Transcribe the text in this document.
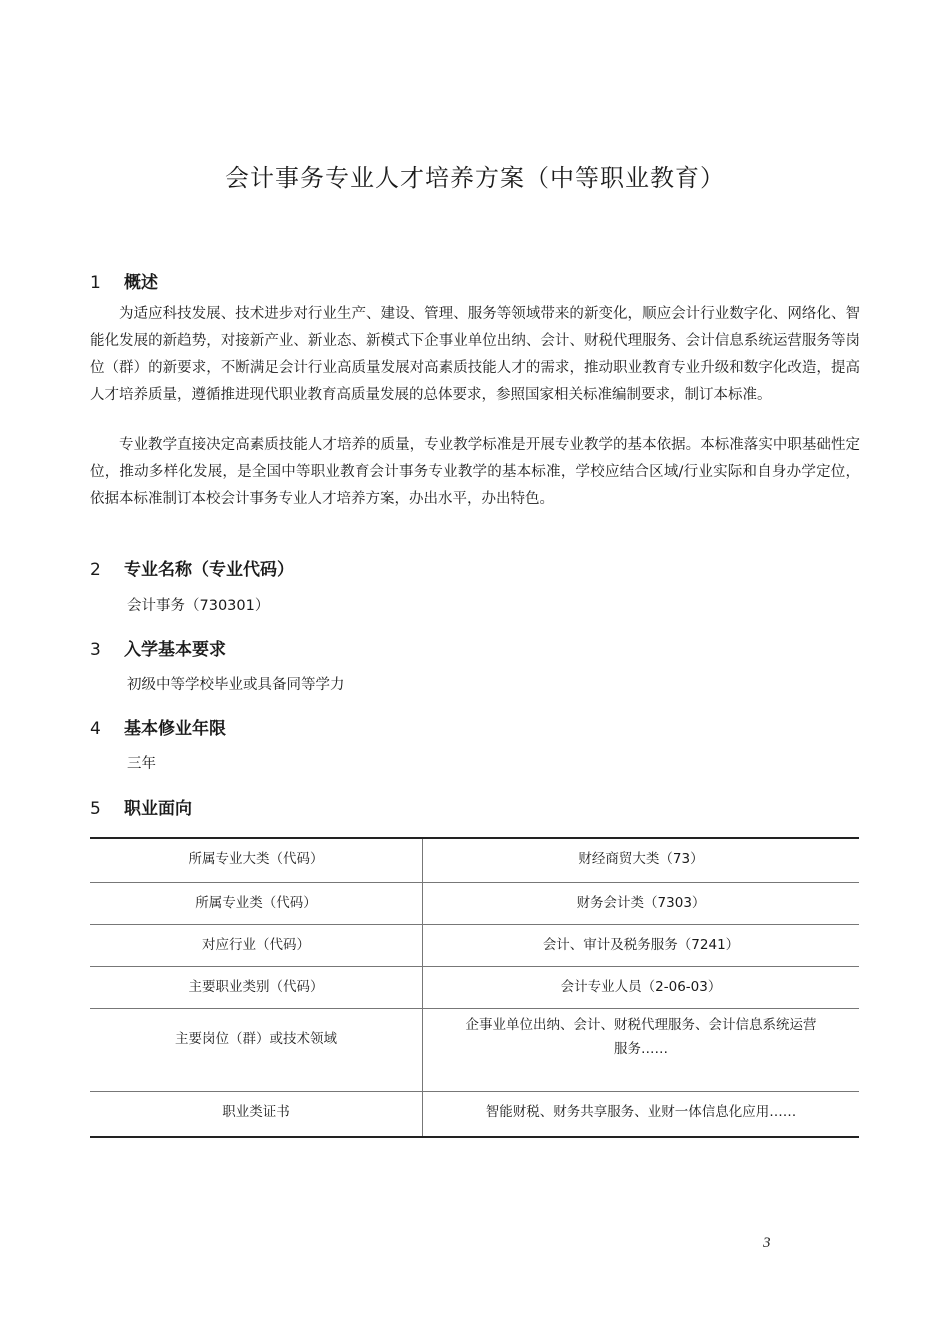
会计事务专业人才培养方案（中等职业教育）
1 概述

为适应科技发展、技术进步对行业生产、建设、管理、服务等领域带来的新变化，顺应会计行业数字化、网络化、智能化发展的新趋势，对接新产业、新业态、新模式下企事业单位出纳、会计、财税代理服务、会计信息系统运营服务等岗位（群）的新要求，不断满足会计行业高质量发展对高素质技能人才的需求，推动职业教育专业升级和数字化改造，提高人才培养质量，遵循推进现代职业教育高质量发展的总体要求，参照国家相关标准编制要求，制订本标准。

专业教学直接决定高素质技能人才培养的质量，专业教学标准是开展专业教学的基本依据。本标准落实中职基础性定位，推动多样化发展，是全国中等职业教育会计事务专业教学的基本标准，学校应结合区域/行业实际和自身办学定位，依据本标准制订本校会计事务专业人才培养方案，办出水平，办出特色。

2 专业名称（专业代码）
会计事务（730301）
3 入学基本要求
初级中等学校毕业或具备同等学力
4 基本修业年限
三年
5 职业面向
所属专业大类（代码）	财经商贸大类（73）
所属专业类（代码）	财务会计类（7303）
对应行业（代码）	会计、审计及税务服务（7241）
主要职业类别（代码）	会计专业人员（2-06-03）
主要岗位（群）或技术领域	企事业单位出纳、会计、财税代理服务、会计信息系统运营
服务……

职业类证书	智能财税、财务共享服务、业财一体信息化应用……
3
